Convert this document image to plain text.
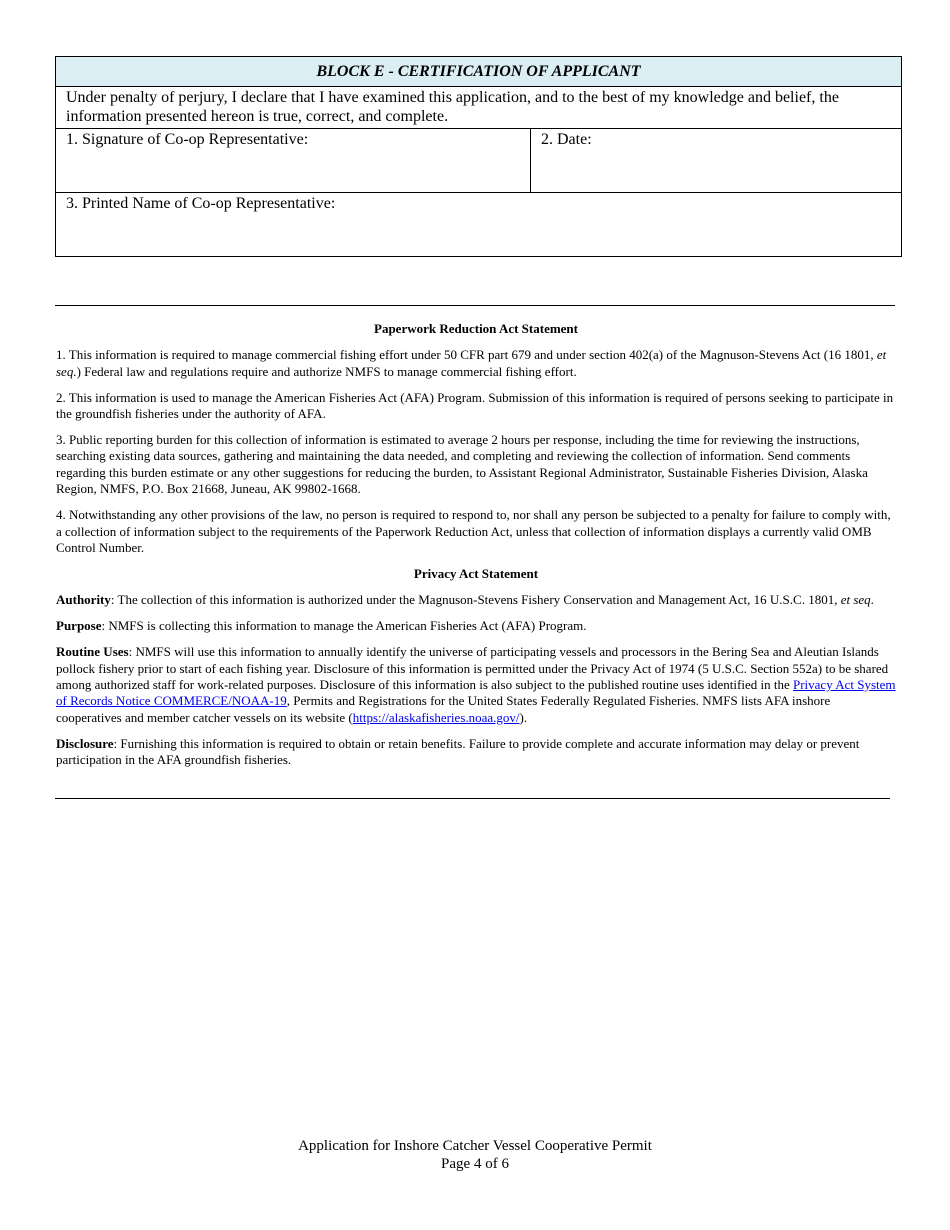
BLOCK E - CERTIFICATION OF APPLICANT
Under penalty of perjury, I declare that I have examined this application, and to the best of my knowledge and belief, the information presented hereon is true, correct, and complete.
1. Signature of Co-op Representative:	2. Date:
3. Printed Name of Co-op Representative:
Paperwork Reduction Act Statement

1. This information is required to manage commercial fishing effort under 50 CFR part 679 and under section 402(a) of the Magnuson-Stevens Act (16 1801, et seq.) Federal law and regulations require and authorize NMFS to manage commercial fishing effort.

2. This information is used to manage the American Fisheries Act (AFA) Program. Submission of this information is required of persons seeking to participate in the groundfish fisheries under the authority of AFA.

3. Public reporting burden for this collection of information is estimated to average 2 hours per response, including the time for reviewing the instructions, searching existing data sources, gathering and maintaining the data needed, and completing and reviewing the collection of information. Send comments regarding this burden estimate or any other suggestions for reducing the burden, to Assistant Regional Administrator, Sustainable Fisheries Division, Alaska Region, NMFS, P.O. Box 21668, Juneau, AK 99802-1668.

4. Notwithstanding any other provisions of the law, no person is required to respond to, nor shall any person be subjected to a penalty for failure to comply with, a collection of information subject to the requirements of the Paperwork Reduction Act, unless that collection of information displays a currently valid OMB Control Number.

Privacy Act Statement

Authority: The collection of this information is authorized under the Magnuson-Stevens Fishery Conservation and Management Act, 16 U.S.C. 1801, et seq.

Purpose: NMFS is collecting this information to manage the American Fisheries Act (AFA) Program.

Routine Uses: NMFS will use this information to annually identify the universe of participating vessels and processors in the Bering Sea and Aleutian Islands pollock fishery prior to start of each fishing year. Disclosure of this information is permitted under the Privacy Act of 1974 (5 U.S.C. Section 552a) to be shared among authorized staff for work-related purposes. Disclosure of this information is also subject to the published routine uses identified in the Privacy Act System of Records Notice COMMERCE/NOAA-19, Permits and Registrations for the United States Federally Regulated Fisheries. NMFS lists AFA inshore cooperatives and member catcher vessels on its website (https://alaskafisheries.noaa.gov/).

Disclosure: Furnishing this information is required to obtain or retain benefits. Failure to provide complete and accurate information may delay or prevent participation in the AFA groundfish fisheries.

Application for Inshore Catcher Vessel Cooperative Permit
Page 4 of 6
